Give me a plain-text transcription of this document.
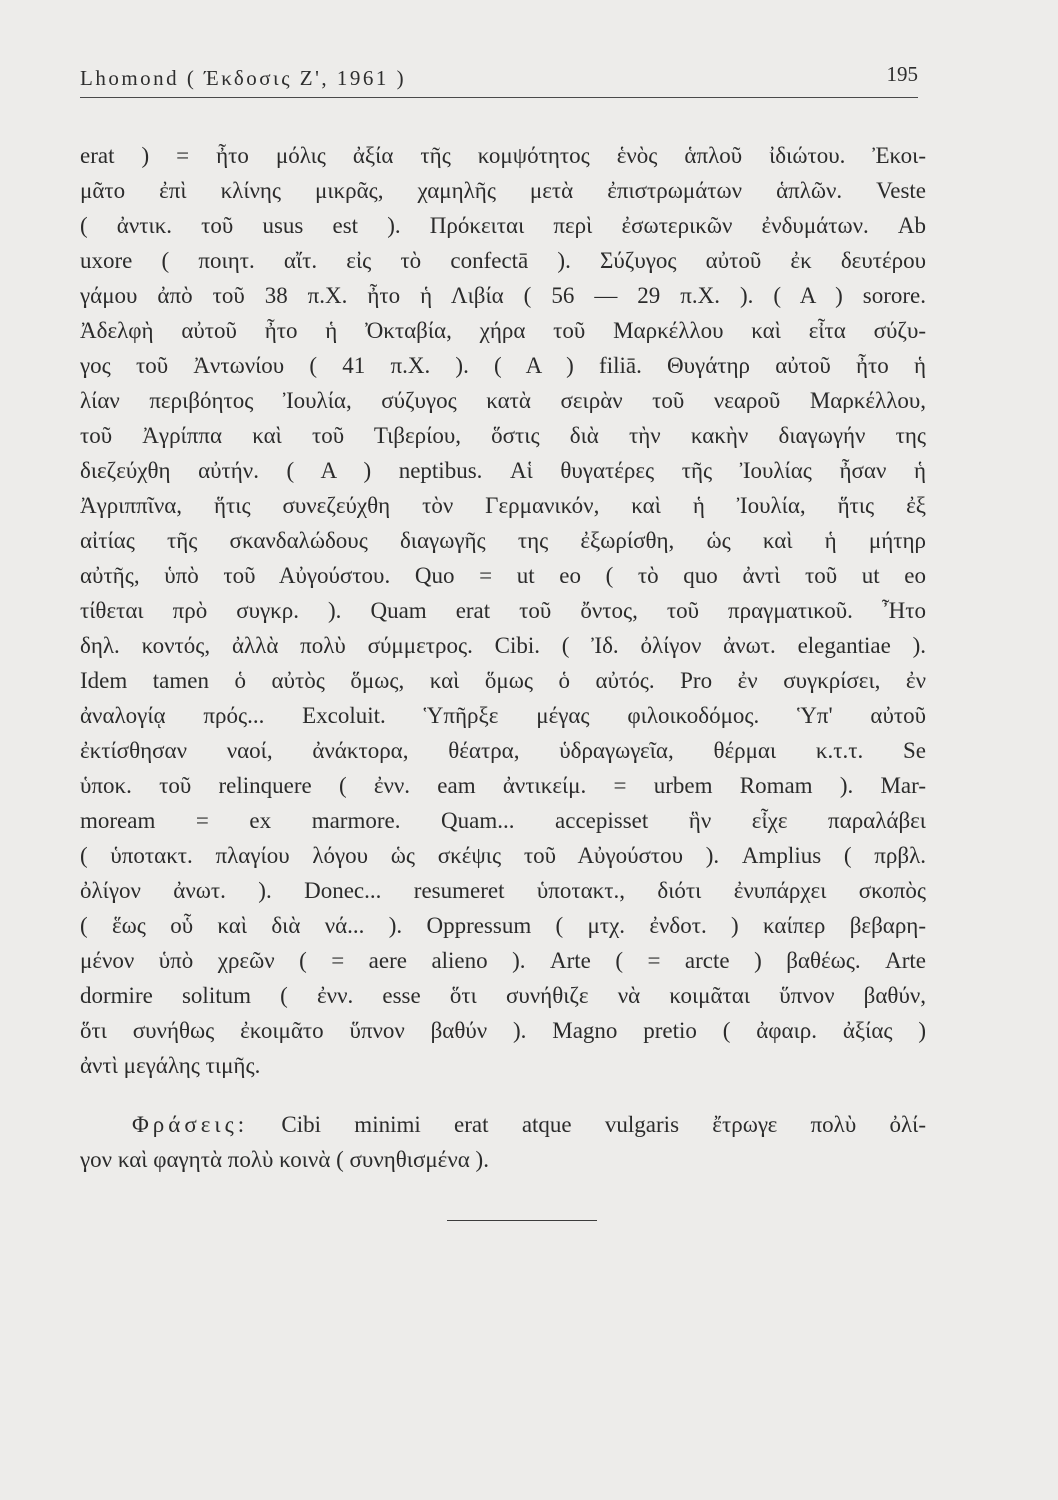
Lhomond ( Έκδοσις Ζ', 1961 )	195
erat ) = ἦτο μόλις ἀξία τῆς κομψότητος ἑνὸς ἁπλοῦ ἰδιώτου. Ἐκοι-
μᾶτο ἐπὶ κλίνης μικρᾶς, χαμηλῆς μετὰ ἐπιστρωμάτων ἁπλῶν. Veste
( ἀντικ. τοῦ usus est ). Πρόκειται περὶ ἐσωτερικῶν ἐνδυμάτων. Ab
uxore ( ποιητ. αἴτ. εἰς τὸ confectā ). Σύζυγος αὐτοῦ ἐκ δευτέρου
γάμου ἀπὸ τοῦ 38 π.Χ. ἦτο ἡ Λιβία ( 56 — 29 π.Χ. ). ( Α ) sorore.
Ἀδελφὴ αὐτοῦ ἦτο ἡ Ὀκταβία, χήρα τοῦ Μαρκέλλου καὶ εἶτα σύζυ-
γος τοῦ Ἀντωνίου ( 41 π.Χ. ). ( Α ) filiā. Θυγάτηρ αὐτοῦ ἦτο ἡ
λίαν περιβόητος Ἰουλία, σύζυγος κατὰ σειρὰν τοῦ νεαροῦ Μαρκέλλου,
τοῦ Ἀγρίππα καὶ τοῦ Τιβερίου, ὅστις διὰ τὴν κακὴν διαγωγήν της
διεζεύχθη αὐτήν. ( Α ) neptibus. Αἱ θυγατέρες τῆς Ἰουλίας ἦσαν ἡ
Ἀγριππῖνα, ἥτις συνεζεύχθη τὸν Γερμανικόν, καὶ ἡ Ἰουλία, ἥτις ἐξ
αἰτίας τῆς σκανδαλώδους διαγωγῆς της ἐξωρίσθη, ὡς καὶ ἡ μήτηρ
αὐτῆς, ὑπὸ τοῦ Αὐγούστου. Quo = ut eo ( τὸ quo ἀντὶ τοῦ ut eo
τίθεται πρὸ συγκρ. ). Quam erat τοῦ ὄντος, τοῦ πραγματικοῦ. Ἦτο
δηλ. κοντός, ἀλλὰ πολὺ σύμμετρος. Cibi. ( Ἰδ. ὀλίγον ἀνωτ. elegantiae ).
Idem tamen ὁ αὐτὸς ὅμως, καὶ ὅμως ὁ αὐτός. Pro ἐν συγκρίσει, ἐν
ἀναλογίᾳ πρός... Excoluit. Ὑπῆρξε μέγας φιλοικοδόμος. Ὑπ' αὐτοῦ
ἐκτίσθησαν ναοί, ἀνάκτορα, θέατρα, ὑδραγωγεῖα, θέρμαι κ.τ.τ. Se
ὑποκ. τοῦ relinquere ( ἐνν. eam ἀντικείμ. = urbem Romam ). Mar-
moream = ex marmore. Quam... accepisset ἣν εἶχε παραλάβει
( ὑποτακτ. πλαγίου λόγου ὡς σκέψις τοῦ Αὐγούστου ). Amplius ( πρβλ.
ὀλίγον ἀνωτ. ). Donec... resumeret ὑποτακτ., διότι ἐνυπάρχει σκοπὸς
( ἕως οὗ καὶ διὰ νά... ). Oppressum ( μτχ. ἐνδοτ. ) καίπερ βεβαρη-
μένον ὑπὸ χρεῶν ( = aere alieno ). Arte ( = arcte ) βαθέως. Arte
dormire solitum ( ἐνν. esse ὅτι συνήθιζε νὰ κοιμᾶται ὕπνον βαθύν,
ὅτι συνήθως ἐκοιμᾶτο ὕπνον βαθύν ). Magno pretio ( ἀφαιρ. ἀξίας )
ἀντὶ μεγάλης τιμῆς.
Φράσεις: Cibi minimi erat atque vulgaris ἔτρωγε πολὺ ὀλί-
γον καὶ φαγητὰ πολὺ κοινὰ ( συνηθισμένα ).
